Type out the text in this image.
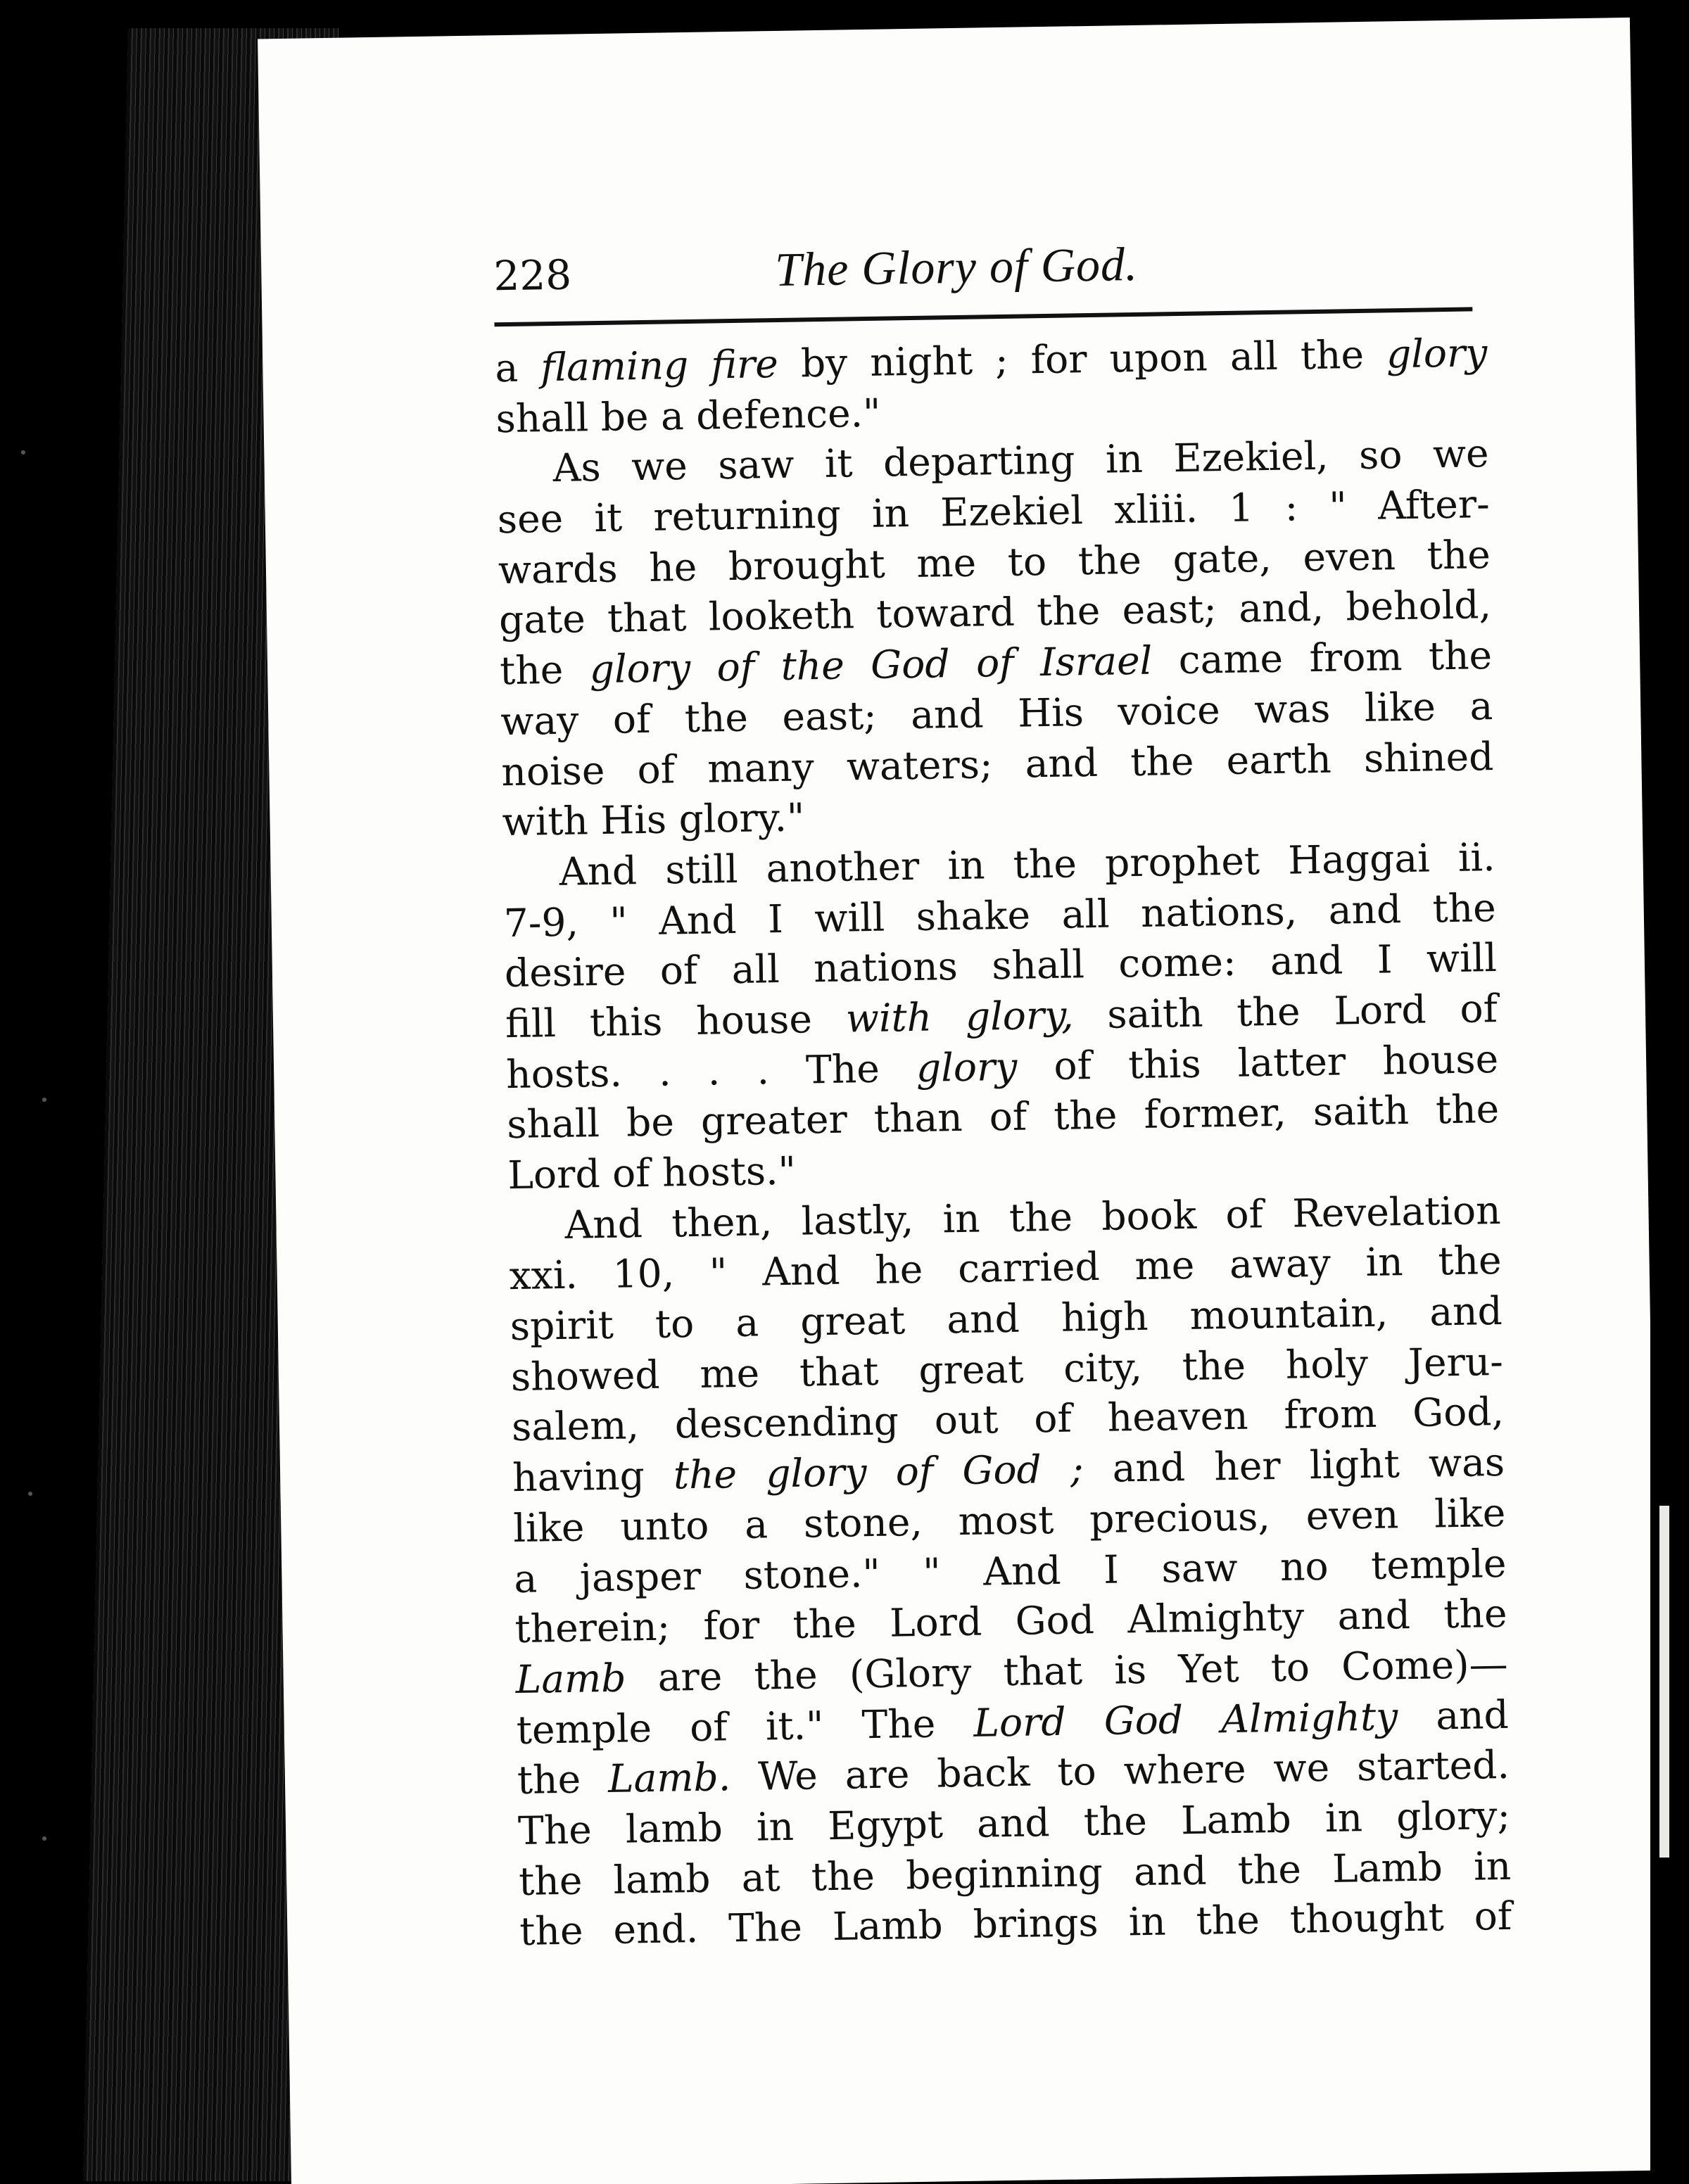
228	The Glory of God.
a flaming fire by night ; for upon all the glory
shall be a defence."
As we saw it departing in Ezekiel, so we
see it returning in Ezekiel xliii. 1 : " After-
wards he brought me to the gate, even the
gate that looketh toward the east; and, behold,
the glory of the God of Israel came from the
way of the east; and His voice was like a
noise of many waters; and the earth shined
with His glory."
And still another in the prophet Haggai ii.
7-9, " And I will shake all nations, and the
desire of all nations shall come: and I will
fill this house with glory, saith the Lord of
hosts. . . . The glory of this latter house
shall be greater than of the former, saith the
Lord of hosts."
And then, lastly, in the book of Revelation
xxi. 10, " And he carried me away in the
spirit to a great and high mountain, and
showed me that great city, the holy Jeru-
salem, descending out of heaven from God,
having the glory of God ; and her light was
like unto a stone, most precious, even like
a jasper stone." " And I saw no temple
therein; for the Lord God Almighty and the
Lamb are the (Glory that is Yet to Come)—
temple of it." The Lord God Almighty and
the Lamb. We are back to where we started.
The lamb in Egypt and the Lamb in glory;
the lamb at the beginning and the Lamb in
the end. The Lamb brings in the thought of
